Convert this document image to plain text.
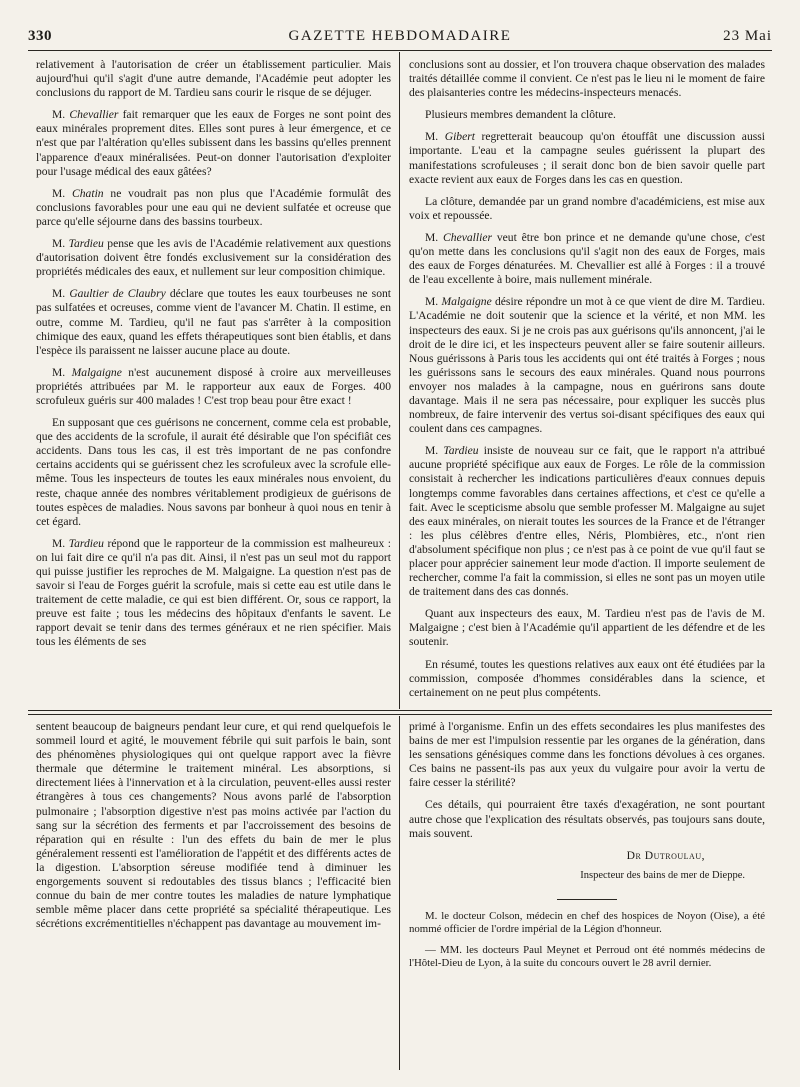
330	GAZETTE HEBDOMADAIRE	23 Mai

relativement à l'autorisation de créer un établissement particulier. Mais aujourd'hui qu'il s'agit d'une autre demande, l'Académie peut adopter les conclusions du rapport de M. Tardieu sans courir le risque de se déjuger.

M. Chevallier fait remarquer que les eaux de Forges ne sont point des eaux minérales proprement dites. Elles sont pures à leur émergence, et ce n'est que par l'altération qu'elles subissent dans les bassins qu'elles prennent l'apparence d'eaux minéralisées. Peut-on donner l'autorisation d'exploiter pour l'usage médical des eaux gâtées?

M. Chatin ne voudrait pas non plus que l'Académie formulât des conclusions favorables pour une eau qui ne devient sulfatée et ocreuse que parce qu'elle séjourne dans des bassins tourbeux.

M. Tardieu pense que les avis de l'Académie relativement aux questions d'autorisation doivent être fondés exclusivement sur la considération des propriétés médicales des eaux, et nullement sur leur composition chimique.

M. Gaultier de Claubry déclare que toutes les eaux tourbeuses ne sont pas sulfatées et ocreuses, comme vient de l'avancer M. Chatin. Il estime, en outre, comme M. Tardieu, qu'il ne faut pas s'arrêter à la composition chimique des eaux, quand les effets thérapeutiques sont bien établis, et dans l'espèce ils paraissent ne laisser aucune place au doute.

M. Malgaigne n'est aucunement disposé à croire aux merveilleuses propriétés attribuées par M. le rapporteur aux eaux de Forges. 400 scrofuleux guéris sur 400 malades ! C'est trop beau pour être exact !

En supposant que ces guérisons ne concernent, comme cela est probable, que des accidents de la scrofule, il aurait été désirable que l'on spécifiât ces accidents. Dans tous les cas, il est très important de ne pas confondre certains accidents qui se guérissent chez les scrofuleux avec la scrofule elle-même. Tous les inspecteurs de toutes les eaux minérales nous envoient, du reste, chaque année des nombres véritablement prodigieux de guérisons de toutes espèces de maladies. Nous savons par bonheur à quoi nous en tenir à cet égard.

M. Tardieu répond que le rapporteur de la commission est malheureux : on lui fait dire ce qu'il n'a pas dit. Ainsi, il n'est pas un seul mot du rapport qui puisse justifier les reproches de M. Malgaigne. La question n'est pas de savoir si l'eau de Forges guérit la scrofule, mais si cette eau est utile dans le traitement de cette maladie, ce qui est bien différent. Or, sous ce rapport, la preuve est faite ; tous les médecins des hôpitaux d'enfants le savent. Le rapport devait se tenir dans des termes généraux et ne rien spécifier. Mais tous les éléments de ses

conclusions sont au dossier, et l'on trouvera chaque observation des malades traités détaillée comme il convient. Ce n'est pas le lieu ni le moment de faire des plaisanteries contre les médecins-inspecteurs menacés.

Plusieurs membres demandent la clôture.

M. Gibert regretterait beaucoup qu'on étouffât une discussion aussi importante. L'eau et la campagne seules guérissent la plupart des manifestations scrofuleuses ; il serait donc bon de bien savoir quelle part exacte revient aux eaux de Forges dans les cas en question.

La clôture, demandée par un grand nombre d'académiciens, est mise aux voix et repoussée.

M. Chevallier veut être bon prince et ne demande qu'une chose, c'est qu'on mette dans les conclusions qu'il s'agit non des eaux de Forges, mais des eaux de Forges dénaturées. M. Chevallier est allé à Forges : il a trouvé de l'eau excellente à boire, mais nullement minérale.

M. Malgaigne désire répondre un mot à ce que vient de dire M. Tardieu. L'Académie ne doit soutenir que la science et la vérité, et non MM. les inspecteurs des eaux. Si je ne crois pas aux guérisons qu'ils annoncent, j'ai le droit de le dire ici, et les inspecteurs peuvent aller se faire soutenir ailleurs. Nous guérissons à Paris tous les accidents qui ont été traités à Forges ; nous les guérissons sans le secours des eaux minérales. Quand nous pourrons envoyer nos malades à la campagne, nous en guérirons sans doute davantage. Mais il ne sera pas nécessaire, pour expliquer les succès plus nombreux, de faire intervenir des vertus soi-disant spécifiques des eaux qui coulent dans ces campagnes.

M. Tardieu insiste de nouveau sur ce fait, que le rapport n'a attribué aucune propriété spécifique aux eaux de Forges. Le rôle de la commission consistait à rechercher les indications particulières d'eaux connues depuis longtemps comme favorables dans certaines affections, et c'est ce qu'elle a fait. Avec le scepticisme absolu que semble professer M. Malgaigne au sujet des eaux minérales, on nierait toutes les sources de la France et de l'étranger : les plus célèbres d'entre elles, Néris, Plombières, etc., n'ont rien d'absolument spécifique non plus ; ce n'est pas à ce point de vue qu'il faut se placer pour apprécier sainement leur mode d'action. Il importe seulement de rechercher, comme l'a fait la commission, si elles ne sont pas un moyen utile de traitement dans des cas donnés.

Quant aux inspecteurs des eaux, M. Tardieu n'est pas de l'avis de M. Malgaigne ; c'est bien à l'Académie qu'il appartient de les défendre et de les soutenir.

En résumé, toutes les questions relatives aux eaux ont été étudiées par la commission, composée d'hommes considérables dans la science, et certainement on ne peut plus compétents.

sentent beaucoup de baigneurs pendant leur cure, et qui rend quelquefois le sommeil lourd et agité, le mouvement fébrile qui suit parfois le bain, sont des phénomènes physiologiques qui ont quelque rapport avec la fièvre thermale que détermine le traitement minéral. Les absorptions, si directement liées à l'innervation et à la circulation, peuvent-elles aussi rester étrangères à tous ces changements? Nous avons parlé de l'absorption pulmonaire ; l'absorption digestive n'est pas moins activée par l'action du sang sur la sécrétion des ferments et par l'accroissement des besoins de réparation qui en résulte : l'un des effets du bain de mer le plus généralement ressenti est l'amélioration de l'appétit et des différents actes de la digestion. L'absorption séreuse modifiée tend à diminuer les engorgements souvent si redoutables des tissus blancs ; l'efficacité bien connue du bain de mer contre toutes les maladies de nature lymphatique semble même placer dans cette propriété sa spécialité thérapeutique. Les sécrétions excrémentitielles n'échappent pas davantage au mouvement im-

primé à l'organisme. Enfin un des effets secondaires les plus manifestes des bains de mer est l'impulsion ressentie par les organes de la génération, dans les sensations génésiques comme dans les fonctions dévolues à ces organes. Ces bains ne passent-ils pas aux yeux du vulgaire pour avoir la vertu de faire cesser la stérilité?

Ces détails, qui pourraient être taxés d'exagération, ne sont pourtant autre chose que l'explication des résultats observés, pas toujours sans doute, mais souvent.

Dr Dutroulau,
Inspecteur des bains de mer de Dieppe.

M. le docteur Colson, médecin en chef des hospices de Noyon (Oise), a été nommé officier de l'ordre impérial de la Légion d'honneur.

— MM. les docteurs Paul Meynet et Perroud ont été nommés médecins de l'Hôtel-Dieu de Lyon, à la suite du concours ouvert le 28 avril dernier.
